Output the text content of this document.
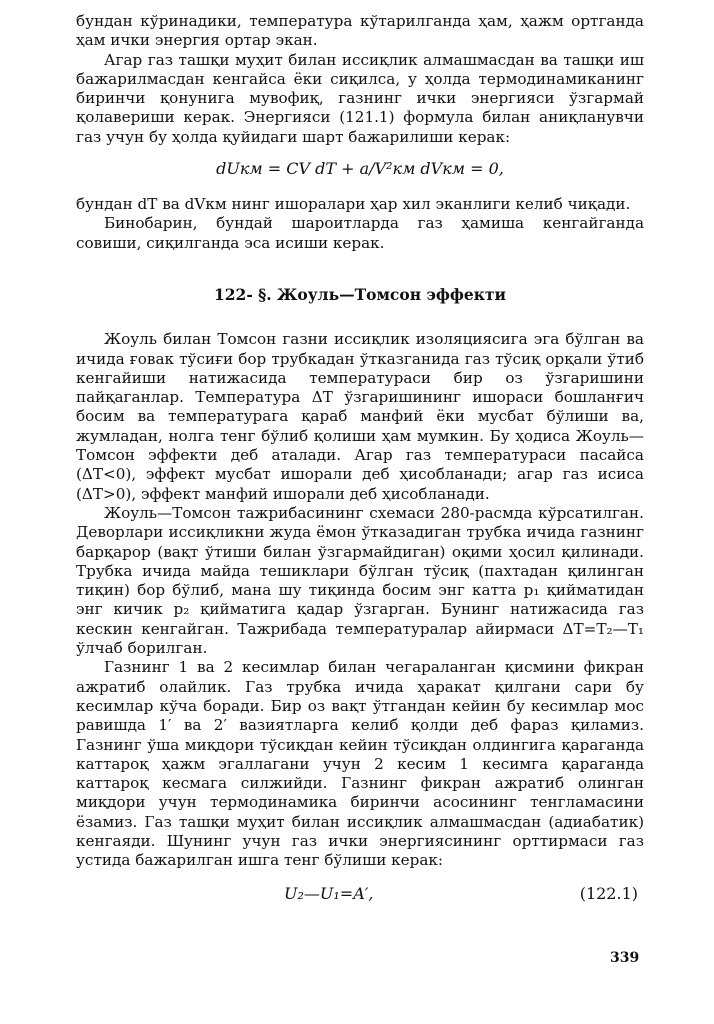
бундан кўринадики, температура кўтарилганда ҳам, ҳажм ортганда ҳам ички энергия ортар экан.

Агар газ ташқи муҳит билан иссиқлик алмашмасдан ва ташқи иш бажарилмасдан кенгайса ёки сиқилса, у ҳолда термодинамиканинг биринчи қонунига мувофиқ, газнинг ички энергияси ўзгармай қолавериши керак. Энергияси (121.1) формула билан аниқланувчи газ учун бу ҳолда қуйидаги шарт бажарилиши керак:

dUкм = CV dT + a/V²км dVкм = 0,

бундан dT ва dVкм нинг ишоралари ҳар хил эканлиги келиб чиқади.

Бинобарин, бундай шароитларда газ ҳамиша кенгайганда совиши, сиқилганда эса исиши керак.

122- §. Жоуль—Томсон эффекти

Жоуль билан Томсон газни иссиқлик изоляциясига эга бўлган ва ичида ғовак тўсиғи бор трубкадан ўтказганида газ тўсиқ орқали ўтиб кенгайиши натижасида температураси бир оз ўзгаришини пайқаганлар. Температура ΔT ўзгаришининг ишораси бошланғич босим ва температурага қараб манфий ёки мусбат бўлиши ва, жумладан, нолга тенг бўлиб қолиши ҳам мумкин. Бу ҳодиса Жоуль—Томсон эффекти деб аталади. Агар газ температураси пасайса (ΔT<0), эффект мусбат ишорали деб ҳисобланади; агар газ исиса (ΔT>0), эффект манфий ишорали деб ҳисобланади.

Жоуль—Томсон тажрибасининг схемаси 280-расмда кўрсатилган. Деворлари иссиқликни жуда ёмон ўтказадиган трубка ичида газнинг барқарор (вақт ўтиши билан ўзгармайдиган) оқими ҳосил қилинади. Трубка ичида майда тешиклари бўлган тўсиқ (пахтадан қилинган тиқин) бор бўлиб, мана шу тиқинда босим энг катта p₁ қийматидан энг кичик p₂ қийматига қадар ўзгарган. Бунинг натижасида газ кескин кенгайган. Тажрибада температуралар айирмаси ΔT=T₂—T₁ ўлчаб борилган.

Газнинг 1 ва 2 кесимлар билан чегараланган қисмини фикран ажратиб олайлик. Газ трубка ичида ҳаракат қилгани сари бу кесимлар кўча боради. Бир оз вақт ўтгандан кейин бу кесимлар мос равишда 1′ ва 2′ вазиятларга келиб қолди деб фараз қиламиз. Газнинг ўша миқдори тўсиқдан кейин тўсиқдан олдингига қараганда каттароқ ҳажм эгаллагани учун 2 кесим 1 кесимга қараганда каттароқ кесмага силжийди. Газнинг фикран ажратиб олинган миқдори учун термодинамика биринчи асосининг тенгламасини ёзамиз. Газ ташқи муҳит билан иссиқлик алмашмасдан (адиабатик) кенгаяди. Шунинг учун газ ички энергиясининг орттирмаси газ устида бажарилган ишга тенг бўлиши керак:

U₂—U₁=A′,	(122.1)
339
